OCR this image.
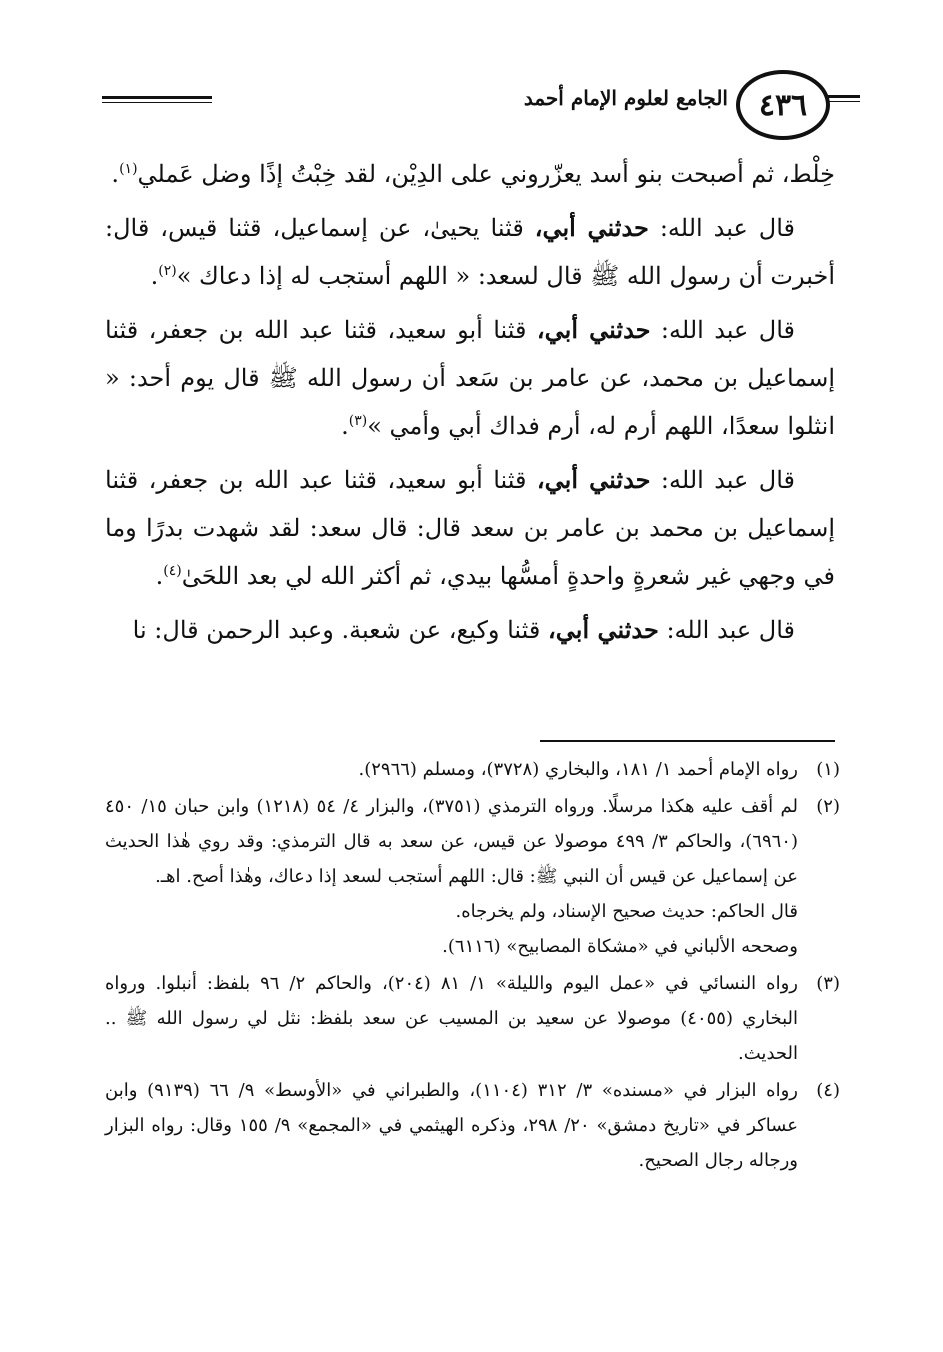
٤٣٦
الجامع لعلوم الإمام أحمد

خِلْط، ثم أصبحت بنو أسد يعزّروني على الدِيْن، لقد خِبْتُ إذًا وضل عَملي$^{(١)}$.

قال عبد الله: حدثني أبي، قثنا يحيىٰ، عن إسماعيل، قثنا قيس، قال: أخبرت أن رسول الله ﷺ قال لسعد: « اللهم أستجب له إذا دعاك »$^{(٢)}$.

قال عبد الله: حدثني أبي، قثنا أبو سعيد، قثنا عبد الله بن جعفر، قثنا إسماعيل بن محمد، عن عامر بن سَعد أن رسول الله ﷺ قال يوم أحد: « انثلوا سعدًا، اللهم أرم له، أرم فداك أبي وأمي »$^{(٣)}$.

قال عبد الله: حدثني أبي، قثنا أبو سعيد، قثنا عبد الله بن جعفر، قثنا إسماعيل بن محمد بن عامر بن سعد قال: قال سعد: لقد شهدت بدرًا وما في وجهي غير شعرةٍ واحدةٍ أمسُّها بيدي، ثم أكثر الله لي بعد اللحَىٰ$^{(٤)}$.

قال عبد الله: حدثني أبي، قثنا وكيع، عن شعبة. وعبد الرحمن قال: نا

(١)
رواه الإمام أحمد ١/ ١٨١، والبخاري (٣٧٢٨)، ومسلم (٢٩٦٦).
(٢)
لم أقف عليه هكذا مرسلًا. ورواه الترمذي (٣٧٥١)، والبزار ٤/ ٥٤ (١٢١٨) وابن حبان ١٥/ ٤٥٠ (٦٩٦٠)، والحاكم ٣/ ٤٩٩ موصولا عن قيس، عن سعد به قال الترمذي: وقد روي هٰذا الحديث عن إسماعيل عن قيس أن النبي ﷺ: قال: اللهم أستجب لسعد إذا دعاك، وهٰذا أصح. اهـ.
قال الحاكم: حديث صحيح الإسناد، ولم يخرجاه.
وصححه الألباني في «مشكاة المصابيح» (٦١١٦).
(٣)
رواه النسائي في «عمل اليوم والليلة» ١/ ٨١ (٢٠٤)، والحاكم ٢/ ٩٦ بلفظ: أنبلوا. ورواه البخاري (٤٠٥٥) موصولا عن سعيد بن المسيب عن سعد بلفظ: نثل لي رسول الله ﷺ .. الحديث.
(٤)
رواه البزار في «مسنده» ٣/ ٣١٢ (١١٠٤)، والطبراني في «الأوسط» ٩/ ٦٦ (٩١٣٩) وابن عساكر في «تاريخ دمشق» ٢٠/ ٢٩٨، وذكره الهيثمي في «المجمع» ٩/ ١٥٥ وقال: رواه البزار ورجاله رجال الصحيح.
